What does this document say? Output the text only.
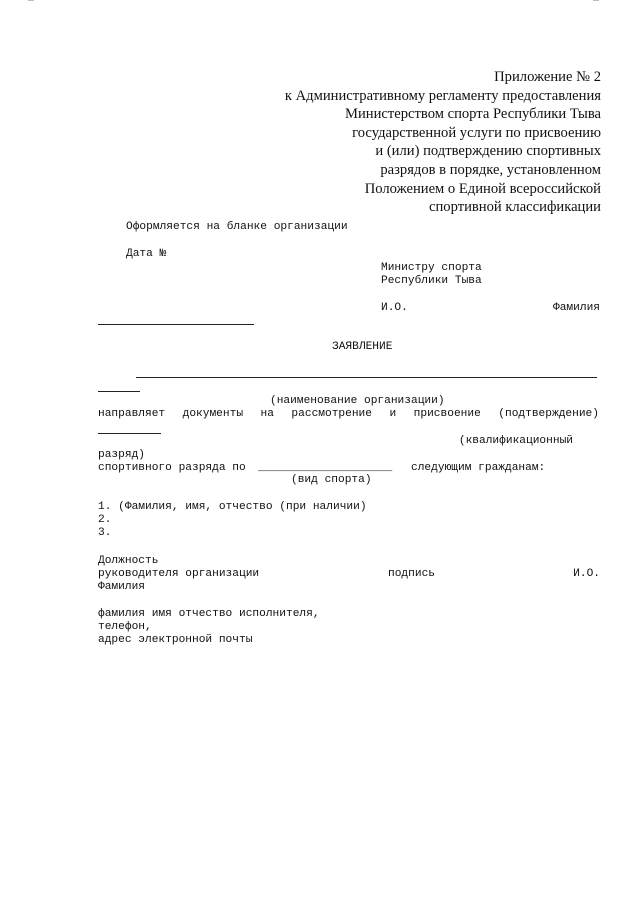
Приложение № 2
к Административному регламенту предоставления
Министерством спорта Республики Тыва
государственной услуги по присвоению
и (или) подтверждению спортивных
разрядов в порядке, установленном
Положением о Единой всероссийской
спортивной классификации
Оформляется на бланке организации
Дата №
Министру спорта
Республики Тыва
И.О.	Фамилия
ЗАЯВЛЕНИЕ
(наименование организации)
направляет документы на рассмотрение и присвоение (подтверждение)
(квалификационный
разряд)
спортивного разряда по ____________________ следующим гражданам:
(вид спорта)
1. (Фамилия, имя, отчество (при наличии)
2.
3.
Должность
руководителя организации	подпись	И.О.
Фамилия
фамилия имя отчество исполнителя,
телефон,
адрес электронной почты
